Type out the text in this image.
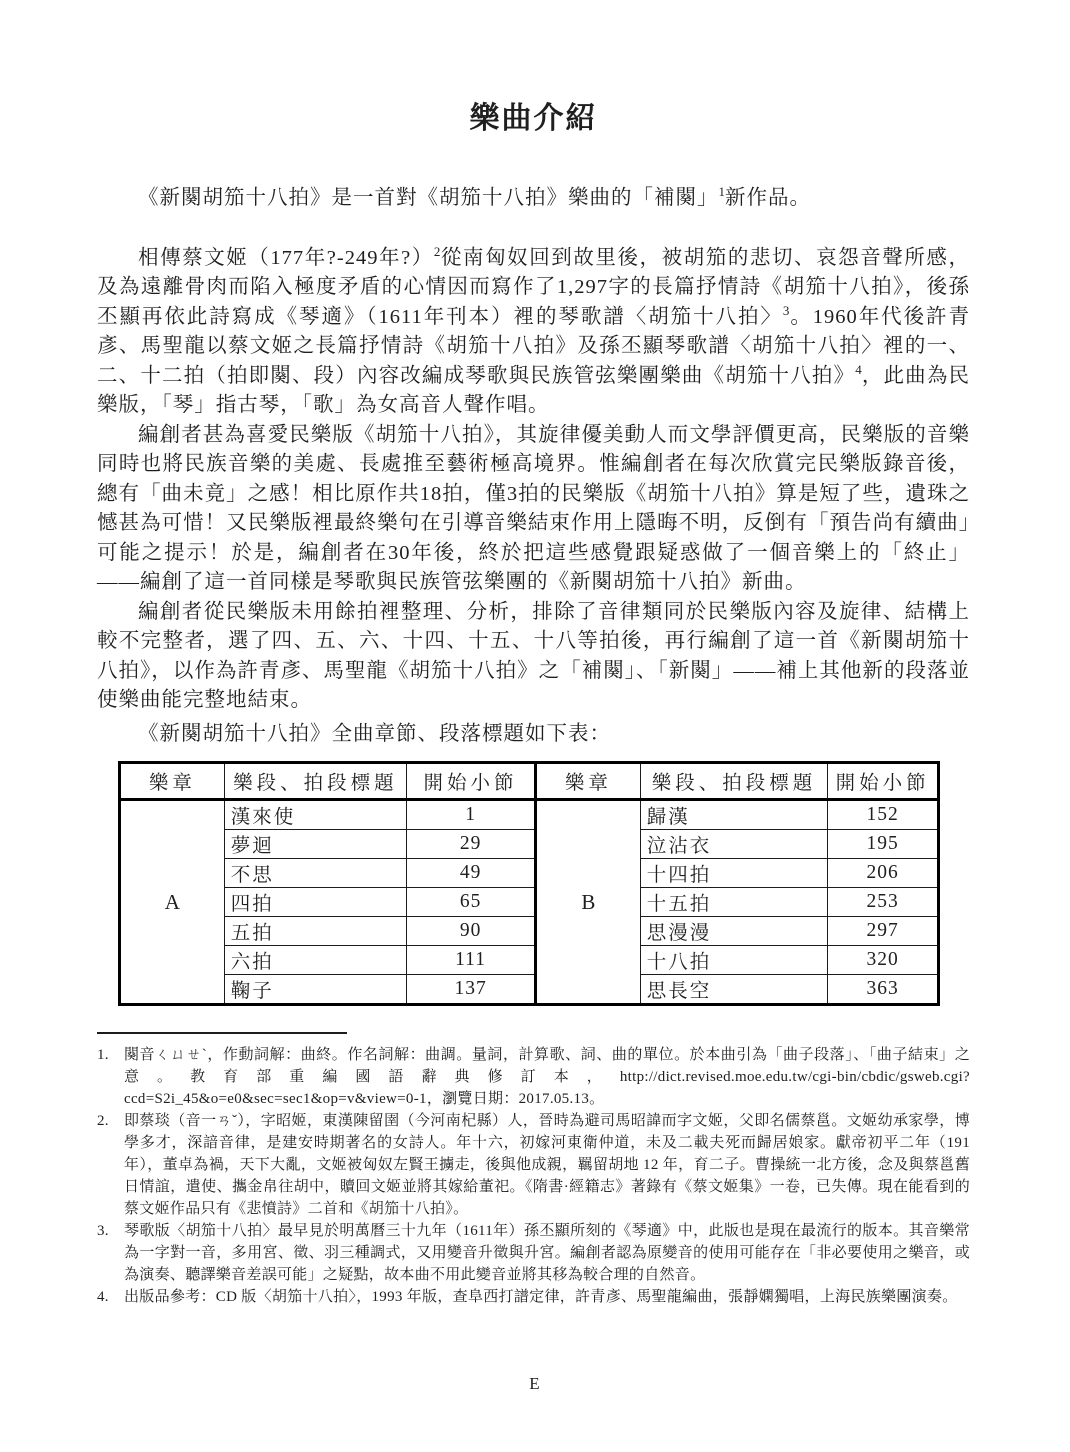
樂曲介紹

《新闋胡笳十八拍》是一首對《胡笳十八拍》樂曲的「補闋」$^1$新作品。

相傳蔡文姬（177年?-249年?）$^2$從南匈奴回到故里後，被胡笳的悲切、哀怨音聲所感，及為遠離骨肉而陷入極度矛盾的心情因而寫作了1,297字的長篇抒情詩《胡笳十八拍》，後孫丕顯再依此詩寫成《琴適》（1611年刊本）裡的琴歌譜〈胡笳十八拍〉$^3$。1960年代後許青彥、馬聖龍以蔡文姬之長篇抒情詩《胡笳十八拍》及孫丕顯琴歌譜〈胡笳十八拍〉裡的一、二、十二拍（拍即闋、段）內容改編成琴歌與民族管弦樂團樂曲《胡笳十八拍》$^4$，此曲為民樂版，「琴」指古琴，「歌」為女高音人聲作唱。

編創者甚為喜愛民樂版《胡笳十八拍》，其旋律優美動人而文學評價更高，民樂版的音樂同時也將民族音樂的美處、長處推至藝術極高境界。惟編創者在每次欣賞完民樂版錄音後，總有「曲未竟」之感！相比原作共18拍，僅3拍的民樂版《胡笳十八拍》算是短了些，遺珠之憾甚為可惜！又民樂版裡最終樂句在引導音樂結束作用上隱晦不明，反倒有「預告尚有續曲」可能之提示！於是，編創者在30年後，終於把這些感覺跟疑惑做了一個音樂上的「終止」——編創了這一首同樣是琴歌與民族管弦樂團的《新闋胡笳十八拍》新曲。

編創者從民樂版未用餘拍裡整理、分析，排除了音律類同於民樂版內容及旋律、結構上較不完整者，選了四、五、六、十四、十五、十八等拍後，再行編創了這一首《新闋胡笳十八拍》，以作為許青彥、馬聖龍《胡笳十八拍》之「補闋」、「新闋」——補上其他新的段落並使樂曲能完整地結束。

《新闋胡笳十八拍》全曲章節、段落標題如下表：

樂章	樂段、拍段標題	開始小節	樂章	樂段、拍段標題	開始小節
A	漢來使	1	B	歸漢	152
	夢迴	29		泣沾衣	195
	不思	49		十四拍	206
	四拍	65		十五拍	253
	五拍	90		思漫漫	297
	六拍	111		十八拍	320
	鞠子	137		思長空	363
1.	闋音ㄑㄩㄝˋ，作動詞解：曲終。作名詞解：曲調。量詞，計算歌、詞、曲的單位。於本曲引為「曲子段落」、「曲子結束」之意。教育部重編國語辭典修訂本，http://dict.revised.moe.edu.tw/cgi-bin/cbdic/gsweb.cgi?ccd=S2i_45&o=e0&sec=sec1&op=v&view=0-1，瀏覽日期：2017.05.13。
2.	即蔡琰（音一ㄢˇ），字昭姬，東漢陳留圉（今河南杞縣）人，晉時為避司馬昭諱而字文姬，父即名儒蔡邕。文姬幼承家學，博學多才，深諳音律，是建安時期著名的女詩人。年十六，初嫁河東衛仲道，未及二載夫死而歸居娘家。獻帝初平二年（191年），董卓為禍，天下大亂，文姬被匈奴左賢王擄走，後與他成親，羈留胡地 12 年，育二子。曹操統一北方後，念及與蔡邕舊日情誼，遣使、攜金帛往胡中，贖回文姬並將其嫁給董祀。《隋書·經籍志》著錄有《蔡文姬集》一卷，已失傳。現在能看到的蔡文姬作品只有《悲憤詩》二首和《胡笳十八拍》。
3.	琴歌版〈胡笳十八拍〉最早見於明萬曆三十九年（1611年）孫丕顯所刻的《琴適》中，此版也是現在最流行的版本。其音樂常為一字對一音，多用宮、徵、羽三種調式，又用變音升徵與升宮。編創者認為原變音的使用可能存在「非必要使用之樂音，或為演奏、聽譯樂音差誤可能」之疑點，故本曲不用此變音並將其移為較合理的自然音。
4.	出版品參考：CD 版〈胡笳十八拍〉，1993 年版，查阜西打譜定律，許青彥、馬聖龍編曲，張靜嫻獨唱，上海民族樂團演奏。
E
